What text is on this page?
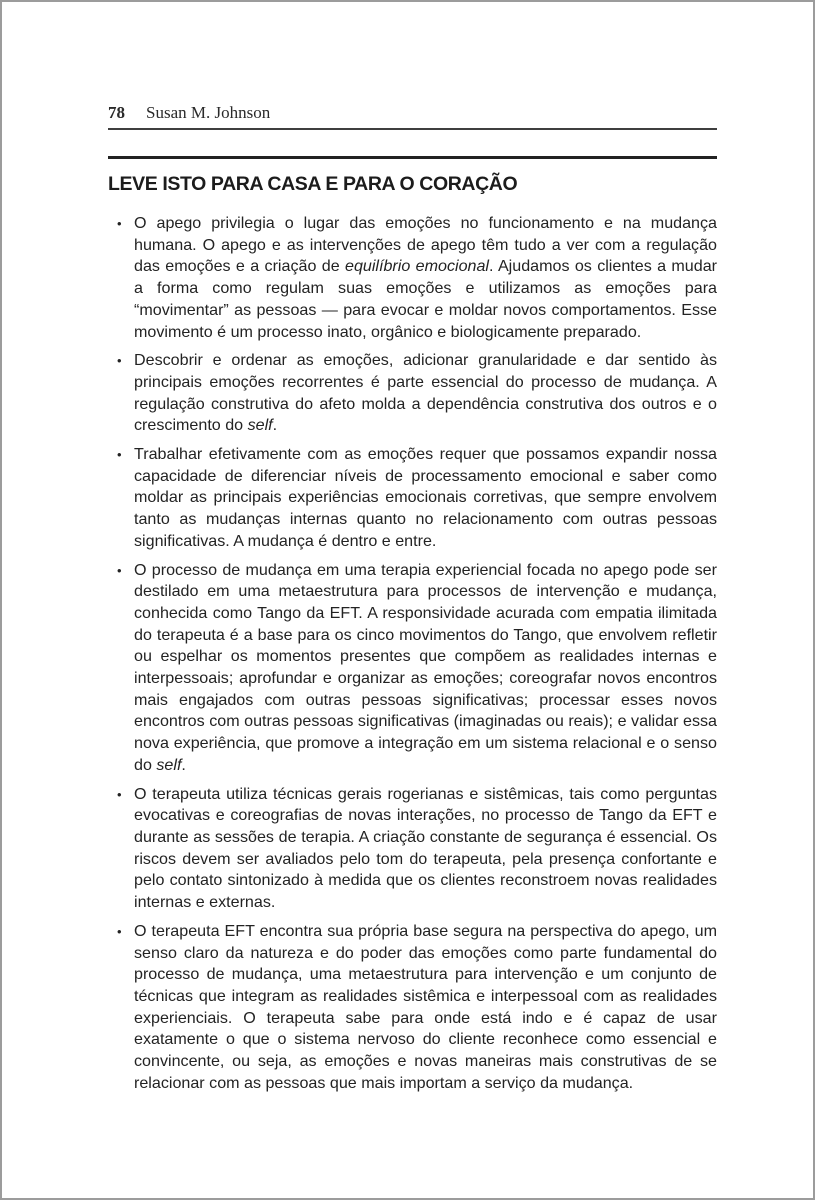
78 Susan M. Johnson
LEVE ISTO PARA CASA E PARA O CORAÇÃO
• O apego privilegia o lugar das emoções no funcionamento e na mudança humana. O apego e as intervenções de apego têm tudo a ver com a regulação das emoções e a criação de equilíbrio emocional. Ajudamos os clientes a mudar a forma como regulam suas emoções e utilizamos as emoções para “movimentar” as pessoas — para evocar e moldar novos comportamentos. Esse movimento é um processo inato, orgânico e biologicamente preparado.
• Descobrir e ordenar as emoções, adicionar granularidade e dar sentido às principais emoções recorrentes é parte essencial do processo de mudança. A regulação construtiva do afeto molda a dependência construtiva dos outros e o crescimento do self.
• Trabalhar efetivamente com as emoções requer que possamos expandir nossa capacidade de diferenciar níveis de processamento emocional e saber como moldar as principais experiências emocionais corretivas, que sempre envolvem tanto as mudanças internas quanto no relacionamento com outras pessoas significativas. A mudança é dentro e entre.
• O processo de mudança em uma terapia experiencial focada no apego pode ser destilado em uma metaestrutura para processos de intervenção e mudança, conhecida como Tango da EFT. A responsividade acurada com empatia ilimitada do terapeuta é a base para os cinco movimentos do Tango, que envolvem refletir ou espelhar os momentos presentes que compõem as realidades internas e interpessoais; aprofundar e organizar as emoções; coreografar novos encontros mais engajados com outras pessoas significativas; processar esses novos encontros com outras pessoas significativas (imaginadas ou reais); e validar essa nova experiência, que promove a integração em um sistema relacional e o senso do self.
• O terapeuta utiliza técnicas gerais rogerianas e sistêmicas, tais como perguntas evocativas e coreografias de novas interações, no processo de Tango da EFT e durante as sessões de terapia. A criação constante de segurança é essencial. Os riscos devem ser avaliados pelo tom do terapeuta, pela presença confortante e pelo contato sintonizado à medida que os clientes reconstroem novas realidades internas e externas.
• O terapeuta EFT encontra sua própria base segura na perspectiva do apego, um senso claro da natureza e do poder das emoções como parte fundamental do processo de mudança, uma metaestrutura para intervenção e um conjunto de técnicas que integram as realidades sistêmica e interpessoal com as realidades experienciais. O terapeuta sabe para onde está indo e é capaz de usar exatamente o que o sistema nervoso do cliente reconhece como essencial e convincente, ou seja, as emoções e novas maneiras mais construtivas de se relacionar com as pessoas que mais importam a serviço da mudança.
